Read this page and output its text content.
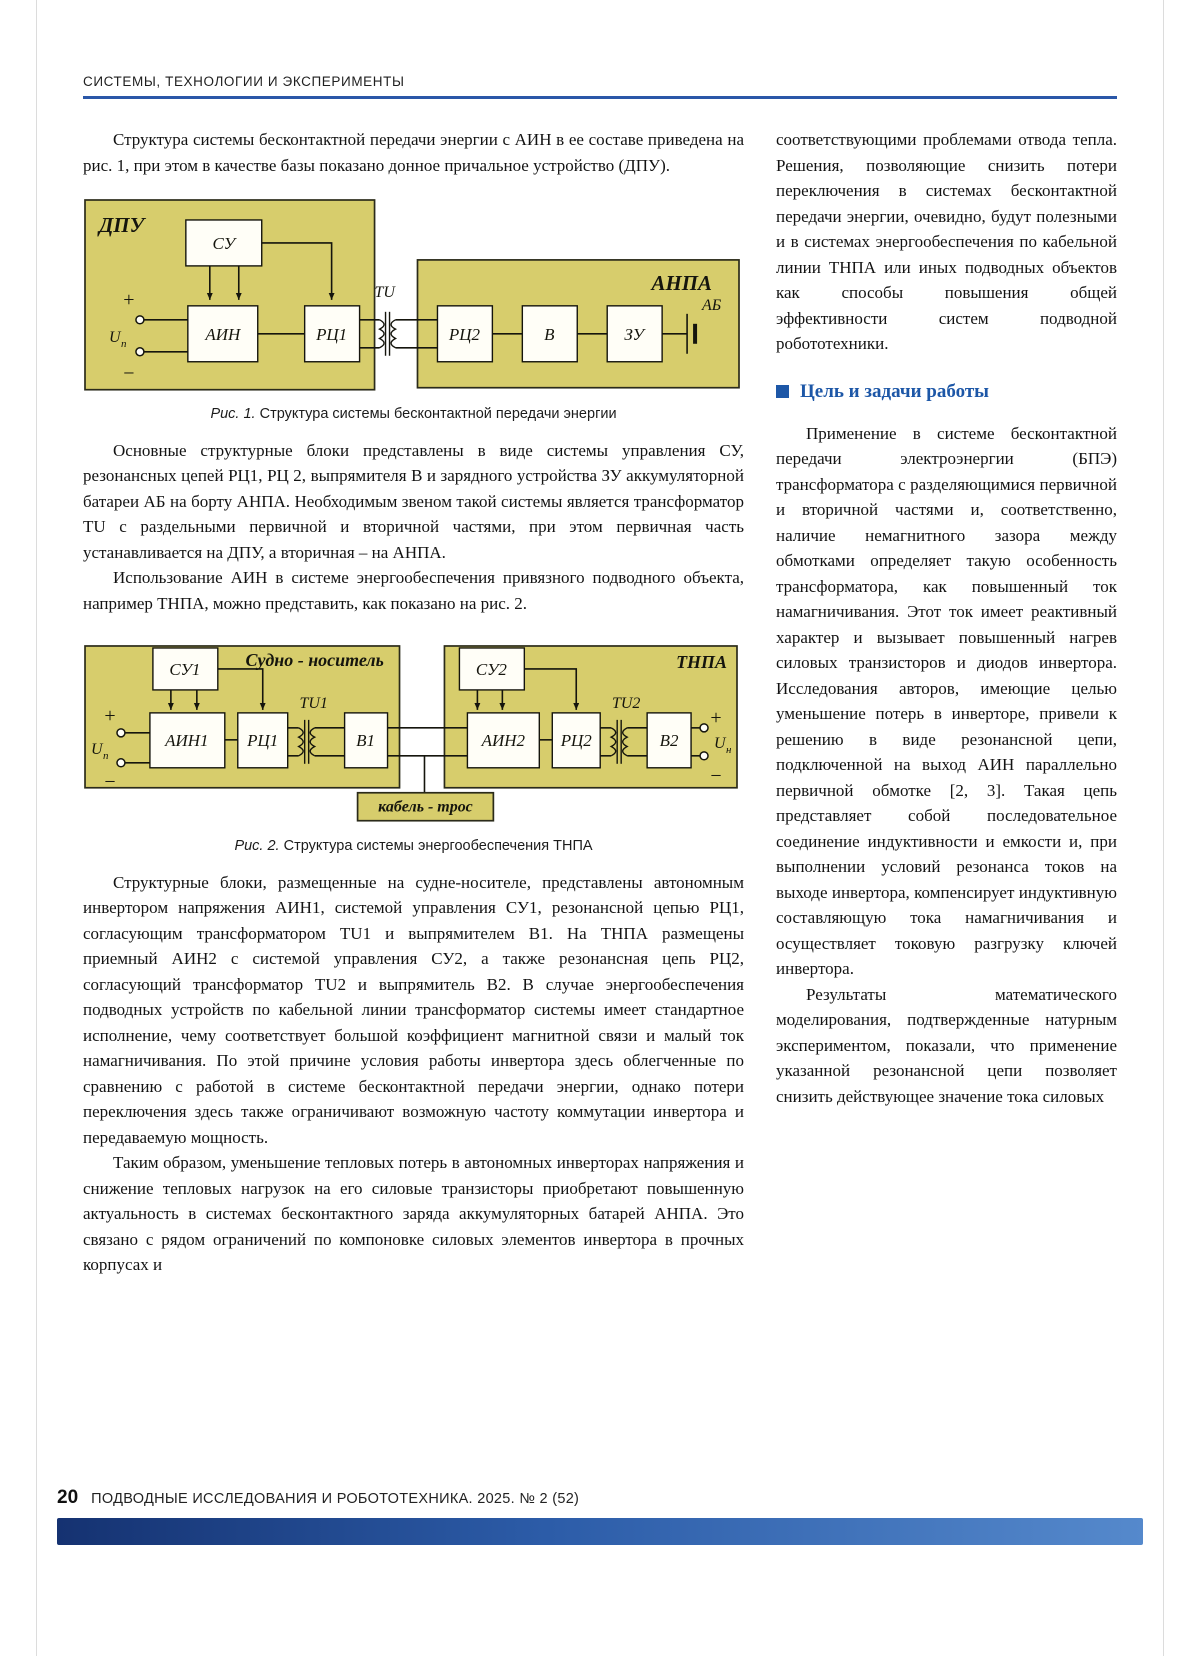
СИСТЕМЫ, ТЕХНОЛОГИИ И ЭКСПЕРИМЕНТЫ

Структура системы бесконтактной передачи энергии с АИН в ее составе приведена на рис. 1, при этом в качестве базы показано донное причальное устройство (ДПУ).

ДПУ
АНПА
TU
СУ
АИН	РЦ1	РЦ2	В	ЗУ
АБ
+
U п
−
Рис. 1. Структура системы бесконтактной передачи энергии

Основные структурные блоки представлены в виде системы управления СУ, резонансных цепей РЦ1, РЦ 2, выпрямителя В и зарядного устройства ЗУ аккумуляторной батареи АБ на борту АНПА. Необходимым звеном такой системы является трансформатор TU с раздельными первичной и вторичной частями, при этом первичная часть устанавливается на ДПУ, а вторичная – на АНПА.

Использование АИН в системе энергообеспечения привязного подводного объекта, например ТНПА, можно представить, как показано на рис. 2.

Судно - носитель	ТНПА
TU1	TU2
СУ1
АИН1 РЦ1	В1
СУ2
АИН2 РЦ2	В2
кабель - трос
+
U п
−
+
U н
−
Рис. 2. Структура системы энергообеспечения ТНПА

Структурные блоки, размещенные на судне-носителе, представлены автономным инвертором напряжения АИН1, системой управления СУ1, резонансной цепью РЦ1, согласующим трансформатором TU1 и выпрямителем В1. На ТНПА размещены приемный АИН2 с системой управления СУ2, а также резонансная цепь РЦ2, согласующий трансформатор TU2 и выпрямитель В2. В случае энергообеспечения подводных устройств по кабельной линии трансформатор системы имеет стандартное исполнение, чему соответствует большой коэффициент магнитной связи и малый ток намагничивания. По этой причине условия работы инвертора здесь облегченные по сравнению с работой в системе бесконтактной передачи энергии, однако потери переключения здесь также ограничивают возможную частоту коммутации инвертора и передаваемую мощность.

Таким образом, уменьшение тепловых потерь в автономных инверторах напряжения и снижение тепловых нагрузок на его силовые транзисторы приобретают повышенную актуальность в системах бесконтактного заряда аккумуляторных батарей АНПА. Это связано с рядом ограничений по компоновке силовых элементов инвертора в прочных корпусах и

соответствующими проблемами отвода тепла. Решения, позволяющие снизить потери переключения в системах бесконтактной передачи энергии, очевидно, будут полезными и в системах энергообеспечения по кабельной линии ТНПА или иных подводных объектов как способы повышения общей эффективности систем подводной робототехники.

Цель и задачи работы

Применение в системе бесконтактной передачи электроэнергии (БПЭ) трансформатора с разделяющимися первичной и вторичной частями и, соответственно, наличие немагнитного зазора между обмотками определяет такую особенность трансформатора, как повышенный ток намагничивания. Этот ток имеет реактивный характер и вызывает повышенный нагрев силовых транзисторов и диодов инвертора. Исследования авторов, имеющие целью уменьшение потерь в инверторе, привели к решению в виде резонансной цепи, подключенной на выход АИН параллельно первичной обмотке [2, 3]. Такая цепь представляет собой последовательное соединение индуктивности и емкости и, при выполнении условий резонанса токов на выходе инвертора, компенсирует индуктивную составляющую тока намагничивания и осуществляет токовую разгрузку ключей инвертора.

Результаты математического моделирования, подтвержденные натурным экспериментом, показали, что применение указанной резонансной цепи позволяет снизить действующее значение тока силовых

20 ПОДВОДНЫЕ ИССЛЕДОВАНИЯ И РОБОТОТЕХНИКА. 2025. № 2 (52)
